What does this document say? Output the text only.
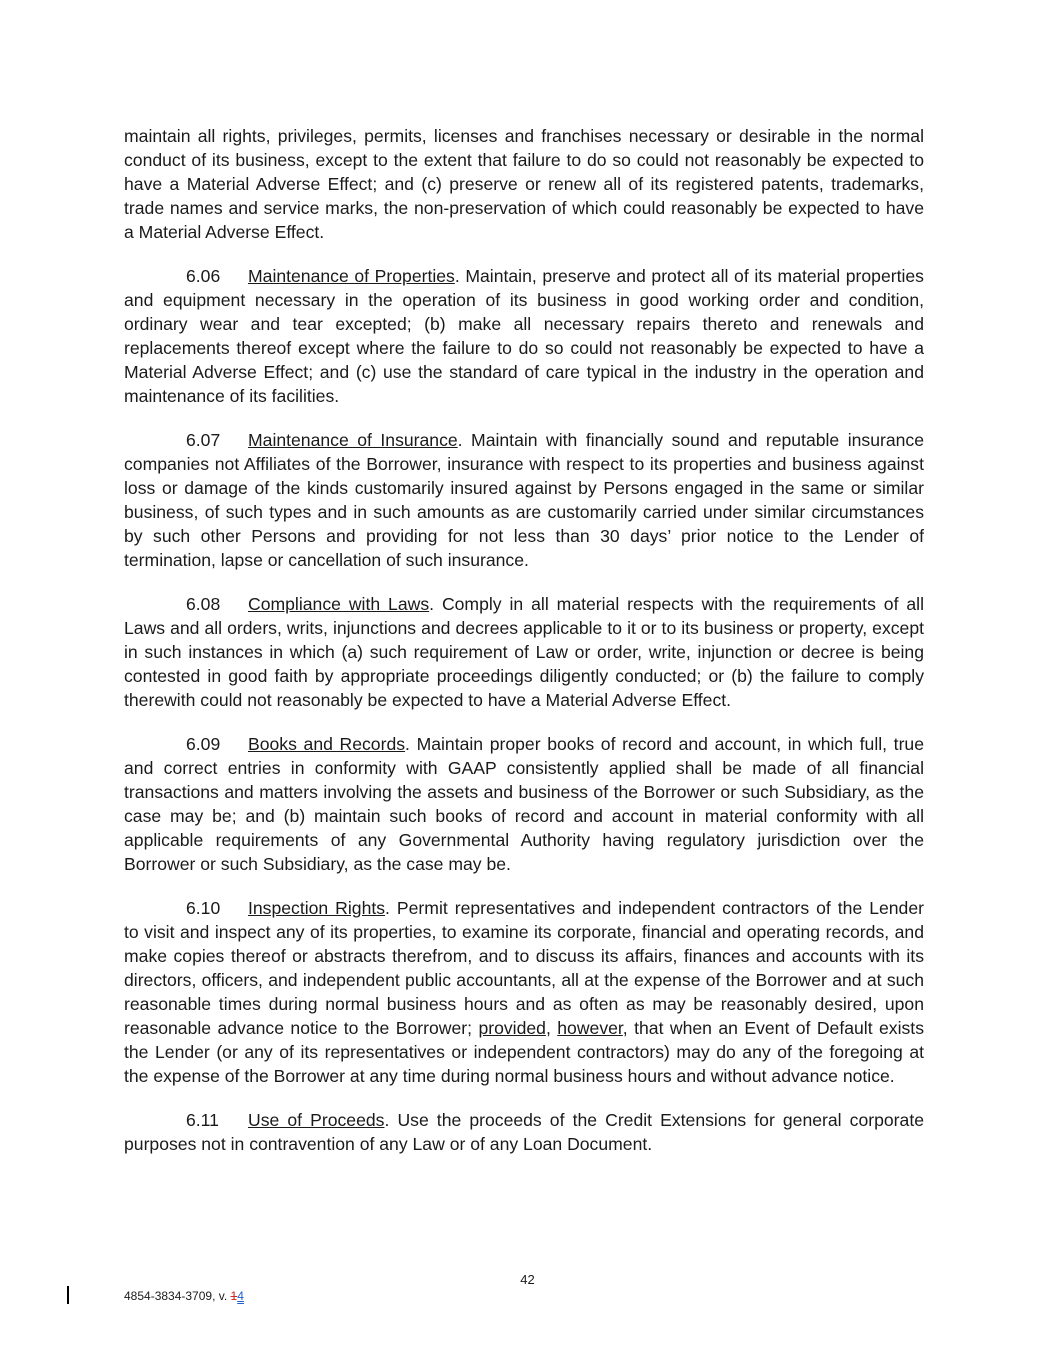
maintain all rights, privileges, permits, licenses and franchises necessary or desirable in the normal conduct of its business, except to the extent that failure to do so could not reasonably be expected to have a Material Adverse Effect; and (c) preserve or renew all of its registered patents, trademarks, trade names and service marks, the non-preservation of which could reasonably be expected to have a Material Adverse Effect.

6.06 Maintenance of Properties. Maintain, preserve and protect all of its material properties and equipment necessary in the operation of its business in good working order and condition, ordinary wear and tear excepted; (b) make all necessary repairs thereto and renewals and replacements thereof except where the failure to do so could not reasonably be expected to have a Material Adverse Effect; and (c) use the standard of care typical in the industry in the operation and maintenance of its facilities.

6.07 Maintenance of Insurance. Maintain with financially sound and reputable insurance companies not Affiliates of the Borrower, insurance with respect to its properties and business against loss or damage of the kinds customarily insured against by Persons engaged in the same or similar business, of such types and in such amounts as are customarily carried under similar circumstances by such other Persons and providing for not less than 30 days’ prior notice to the Lender of termination, lapse or cancellation of such insurance.

6.08 Compliance with Laws. Comply in all material respects with the requirements of all Laws and all orders, writs, injunctions and decrees applicable to it or to its business or property, except in such instances in which (a) such requirement of Law or order, write, injunction or decree is being contested in good faith by appropriate proceedings diligently conducted; or (b) the failure to comply therewith could not reasonably be expected to have a Material Adverse Effect.

6.09 Books and Records. Maintain proper books of record and account, in which full, true and correct entries in conformity with GAAP consistently applied shall be made of all financial transactions and matters involving the assets and business of the Borrower or such Subsidiary, as the case may be; and (b) maintain such books of record and account in material conformity with all applicable requirements of any Governmental Authority having regulatory jurisdiction over the Borrower or such Subsidiary, as the case may be.

6.10 Inspection Rights. Permit representatives and independent contractors of the Lender to visit and inspect any of its properties, to examine its corporate, financial and operating records, and make copies thereof or abstracts therefrom, and to discuss its affairs, finances and accounts with its directors, officers, and independent public accountants, all at the expense of the Borrower and at such reasonable times during normal business hours and as often as may be reasonably desired, upon reasonable advance notice to the Borrower; provided, however, that when an Event of Default exists the Lender (or any of its representatives or independent contractors) may do any of the foregoing at the expense of the Borrower at any time during normal business hours and without advance notice.

6.11 Use of Proceeds. Use the proceeds of the Credit Extensions for general corporate purposes not in contravention of any Law or of any Loan Document.

42
4854-3834-3709, v. 14
